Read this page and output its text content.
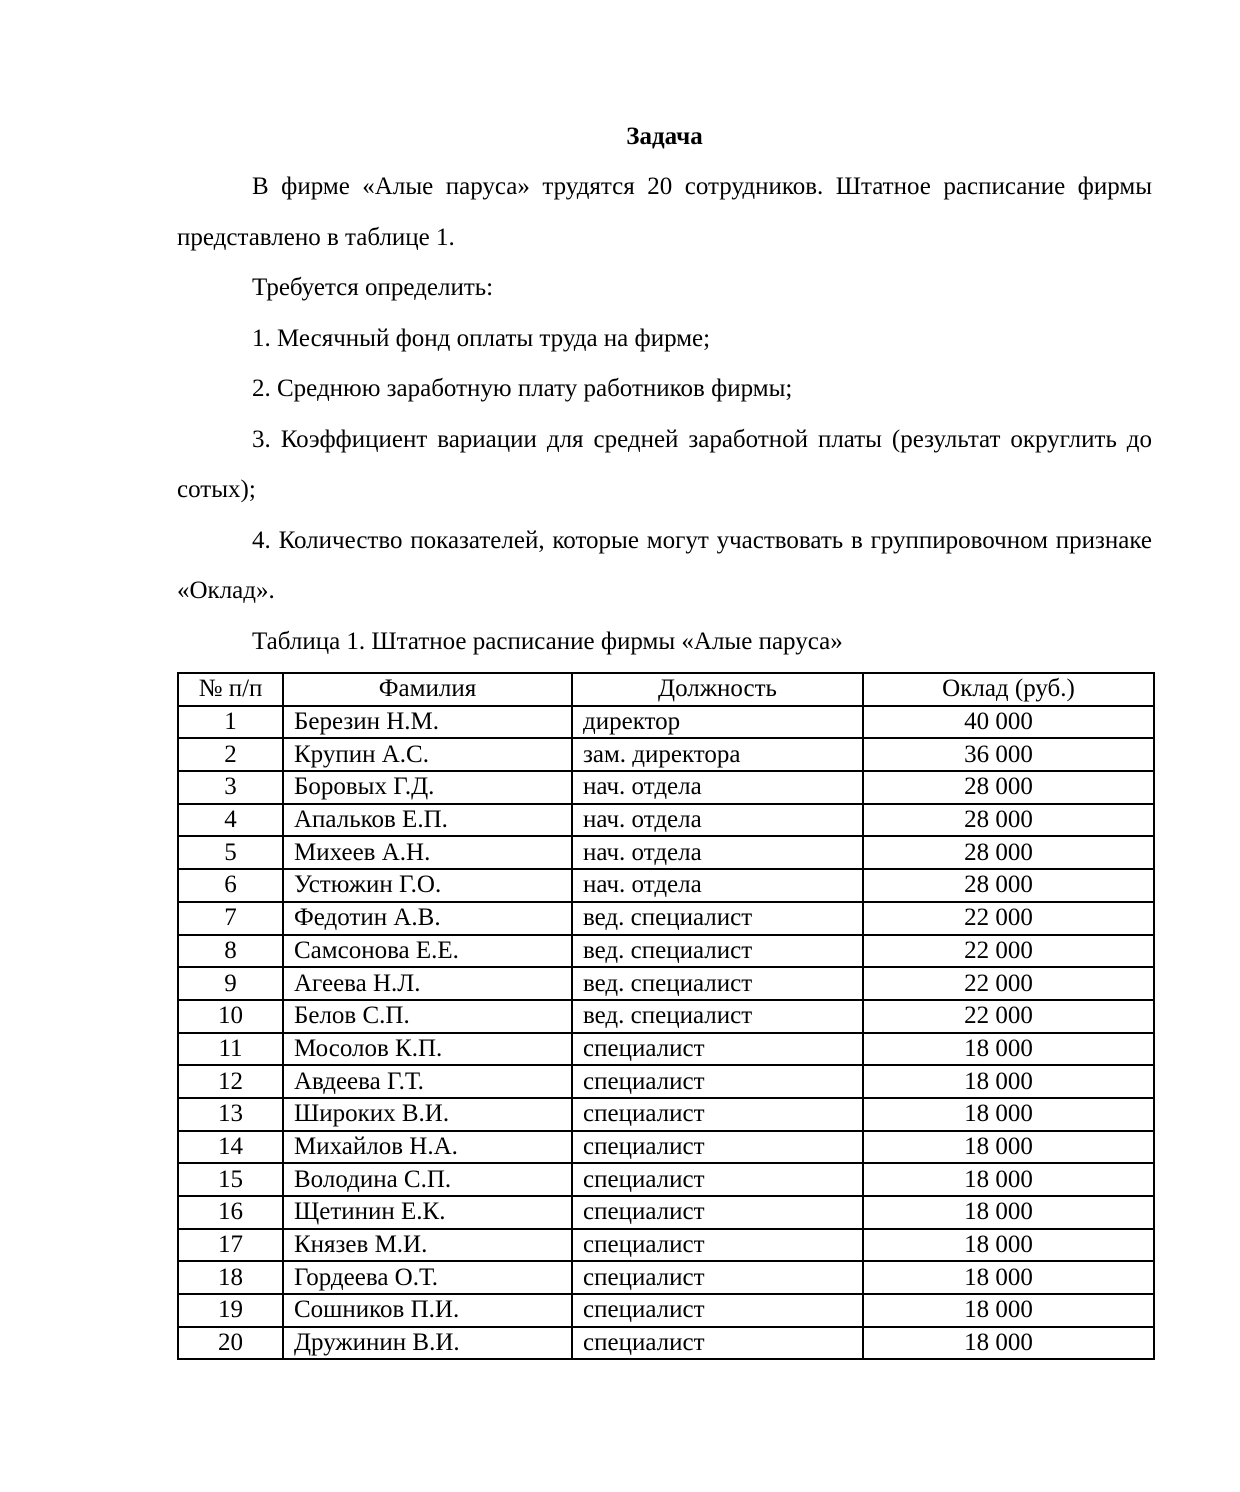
Задача

В фирме «Алые паруса» трудятся 20 сотрудников. Штатное расписание фирмы представлено в таблице 1.

Требуется определить:

1. Месячный фонд оплаты труда на фирме;

2. Среднюю заработную плату работников фирмы;

3. Коэффициент вариации для средней заработной платы (результат округлить до сотых);

4. Количество показателей, которые могут участвовать в группировочном признаке «Оклад».

Таблица 1. Штатное расписание фирмы «Алые паруса»

№ п/п	Фамилия	Должность	Оклад (руб.)
1	Березин Н.М.	директор	40 000
2	Крупин А.С.	зам. директора	36 000
3	Боровых Г.Д.	нач. отдела	28 000
4	Апальков Е.П.	нач. отдела	28 000
5	Михеев А.Н.	нач. отдела	28 000
6	Устюжин Г.О.	нач. отдела	28 000
7	Федотин А.В.	вед. специалист	22 000
8	Самсонова Е.Е.	вед. специалист	22 000
9	Агеева Н.Л.	вед. специалист	22 000
10	Белов С.П.	вед. специалист	22 000
11	Мосолов К.П.	специалист	18 000
12	Авдеева Г.Т.	специалист	18 000
13	Широких В.И.	специалист	18 000
14	Михайлов Н.А.	специалист	18 000
15	Володина С.П.	специалист	18 000
16	Щетинин Е.К.	специалист	18 000
17	Князев М.И.	специалист	18 000
18	Гордеева О.Т.	специалист	18 000
19	Сошников П.И.	специалист	18 000
20	Дружинин В.И.	специалист	18 000
